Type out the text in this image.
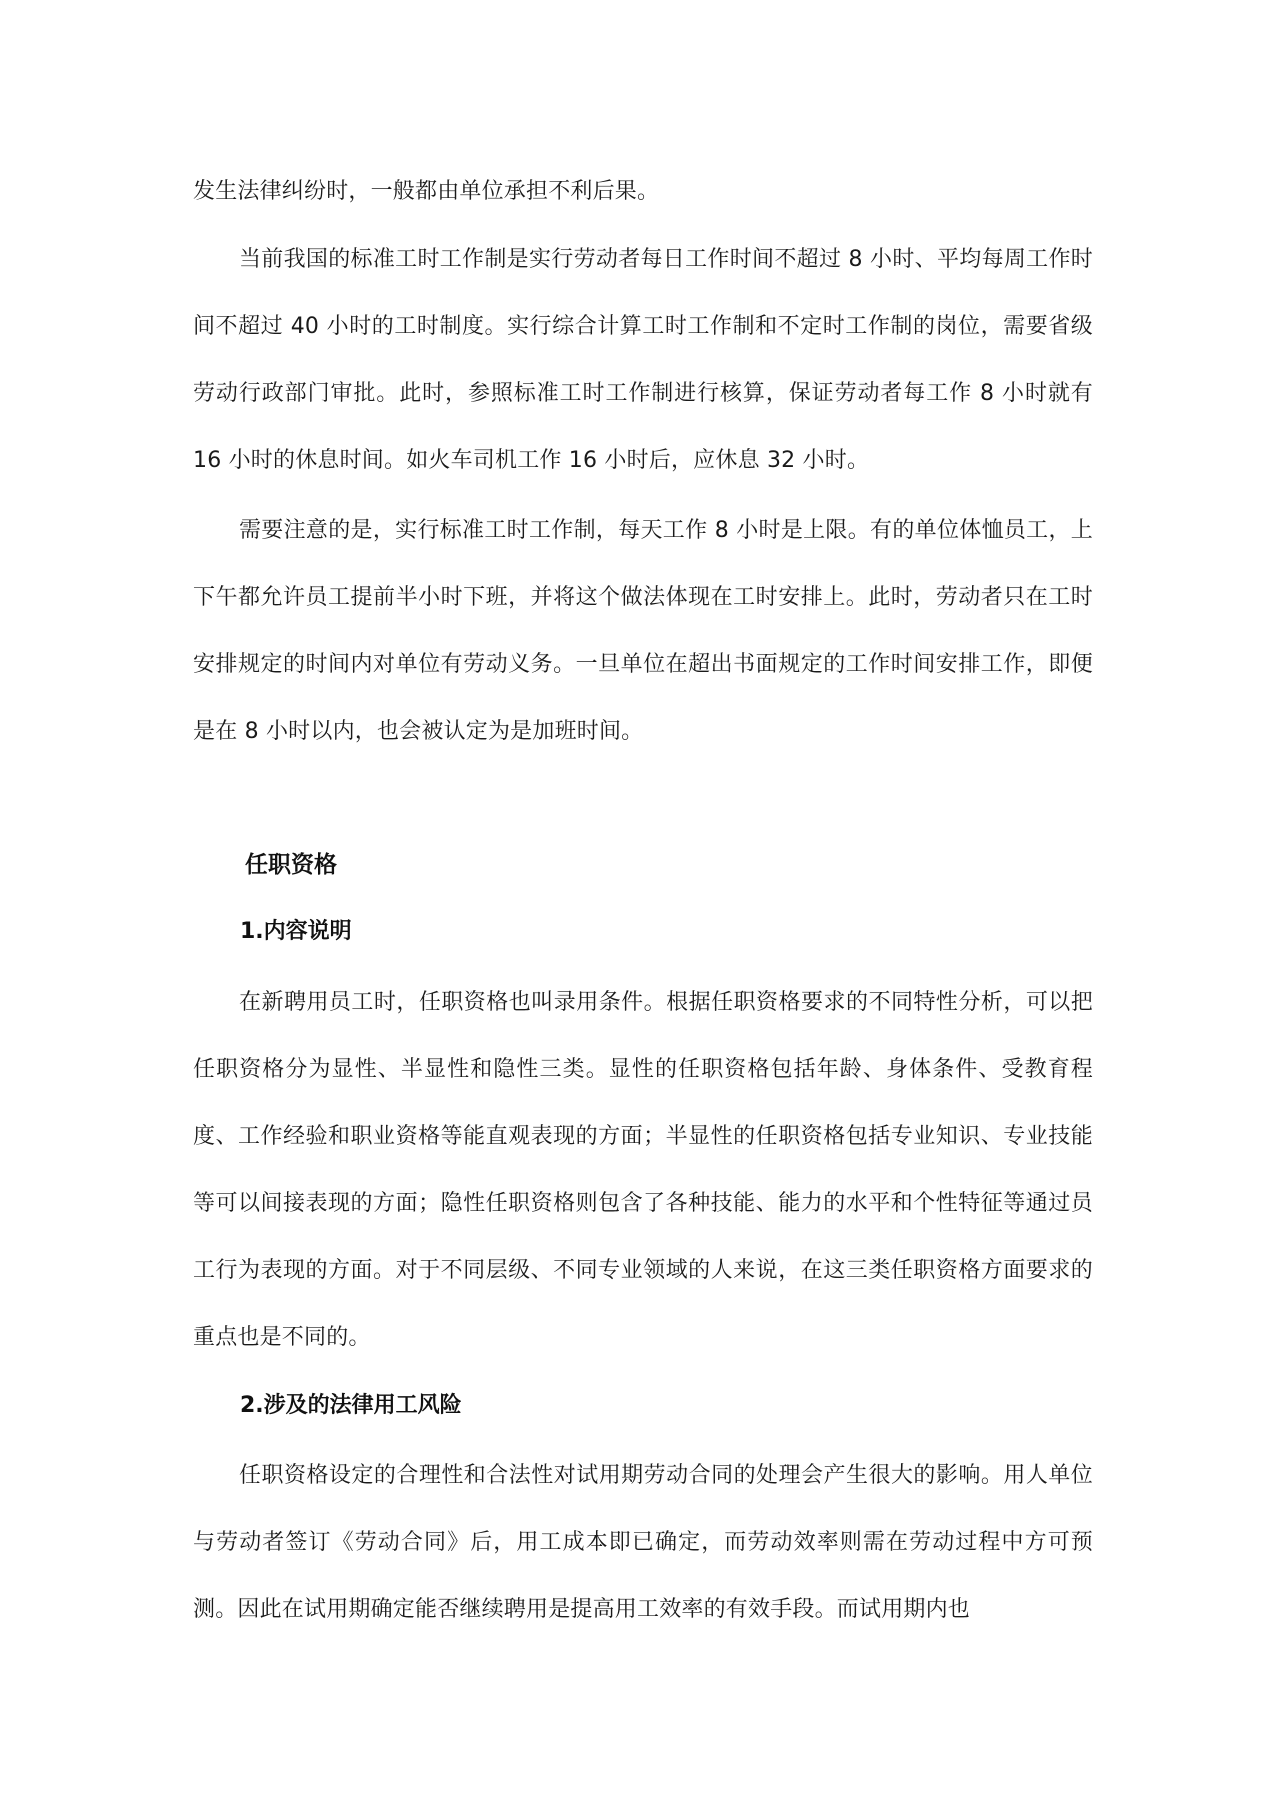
发生法律纠纷时，一般都由单位承担不利后果。

当前我国的标准工时工作制是实行劳动者每日工作时间不超过 8 小时、平均每周工作时间不超过 40 小时的工时制度。实行综合计算工时工作制和不定时工作制的岗位，需要省级劳动行政部门审批。此时，参照标准工时工作制进行核算，保证劳动者每工作 8 小时就有 16 小时的休息时间。如火车司机工作 16 小时后，应休息 32 小时。

需要注意的是，实行标准工时工作制，每天工作 8 小时是上限。有的单位体恤员工，上下午都允许员工提前半小时下班，并将这个做法体现在工时安排上。此时，劳动者只在工时安排规定的时间内对单位有劳动义务。一旦单位在超出书面规定的工作时间安排工作，即便是在 8 小时以内，也会被认定为是加班时间。

任职资格
1.内容说明

在新聘用员工时，任职资格也叫录用条件。根据任职资格要求的不同特性分析，可以把任职资格分为显性、半显性和隐性三类。显性的任职资格包括年龄、身体条件、受教育程度、工作经验和职业资格等能直观表现的方面；半显性的任职资格包括专业知识、专业技能等可以间接表现的方面；隐性任职资格则包含了各种技能、能力的水平和个性特征等通过员工行为表现的方面。对于不同层级、不同专业领域的人来说，在这三类任职资格方面要求的重点也是不同的。

2.涉及的法律用工风险

任职资格设定的合理性和合法性对试用期劳动合同的处理会产生很大的影响。用人单位与劳动者签订《劳动合同》后，用工成本即已确定，而劳动效率则需在劳动过程中方可预测。因此在试用期确定能否继续聘用是提高用工效率的有效手段。而试用期内也
